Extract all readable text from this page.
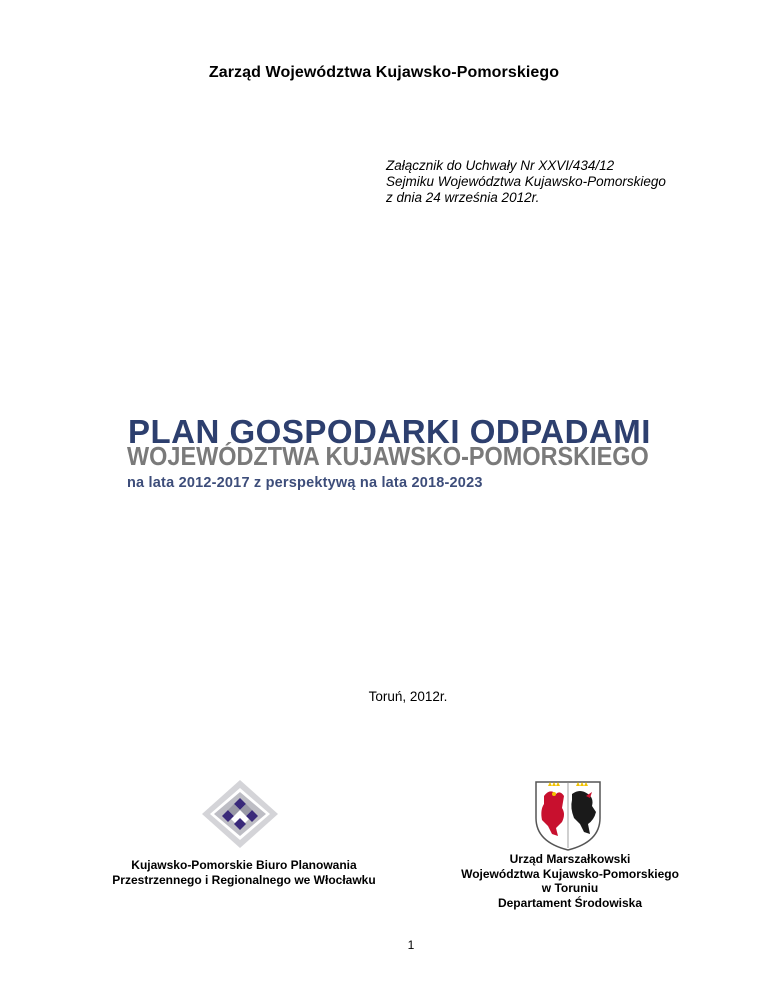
Zarząd Województwa Kujawsko-Pomorskiego
Załącznik do Uchwały Nr XXVI/434/12
Sejmiku Województwa Kujawsko-Pomorskiego
z dnia 24 września 2012r.
PLAN GOSPODARKI ODPADAMI
WOJEWÓDZTWA KUJAWSKO-POMORSKIEGO
na lata 2012-2017 z perspektywą na lata 2018-2023
Toruń, 2012r.
Kujawsko-Pomorskie Biuro Planowania
Przestrzennego i Regionalnego we Włocławku
Urząd Marszałkowski
Województwa Kujawsko-Pomorskiego
w Toruniu
Departament Środowiska
1
